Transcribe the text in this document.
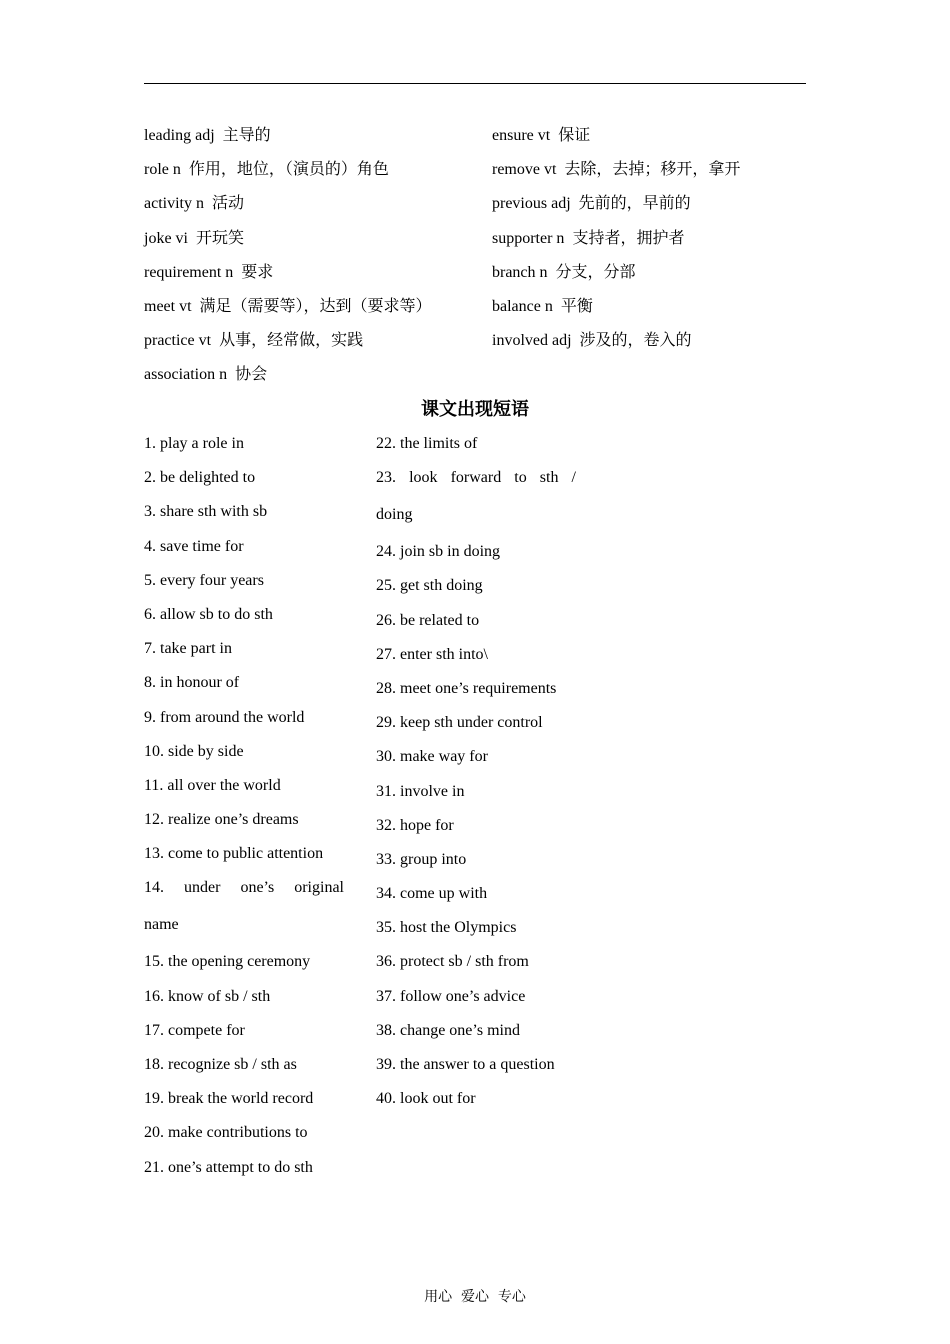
leading adj 主导的	ensure vt 保证
role n 作用，地位，（演员的）角色	remove vt 去除，去掉；移开，拿开
activity n 活动	previous adj 先前的，早前的
joke vi 开玩笑	supporter n 支持者，拥护者
requirement n 要求	branch n 分支，分部
meet vt 满足（需要等），达到（要求等）	balance n 平衡
practice vt 从事，经常做，实践	involved adj 涉及的，卷入的
association n 协会
课文出现短语
1. play a role in
2. be delighted to
3. share sth with sb
4. save time for
5. every four years
6. allow sb to do sth
7. take part in
8. in honour of
9. from around the world
10. side by side
11. all over the world
12. realize one’s dreams
13. come to public attention
14. under one’s original
name
15. the opening ceremony
16. know of sb / sth
17. compete for
18. recognize sb / sth as
19. break the world record
20. make contributions to
21. one’s attempt to do sth
22. the limits of
23. look forward to sth /
doing
24. join sb in doing
25. get sth doing
26. be related to
27. enter sth into\
28. meet one’s requirements
29. keep sth under control
30. make way for
31. involve in
32. hope for
33. group into
34. come up with
35. host the Olympics
36. protect sb / sth from
37. follow one’s advice
38. change one’s mind
39. the answer to a question
40. look out for
用心  爱心  专心
